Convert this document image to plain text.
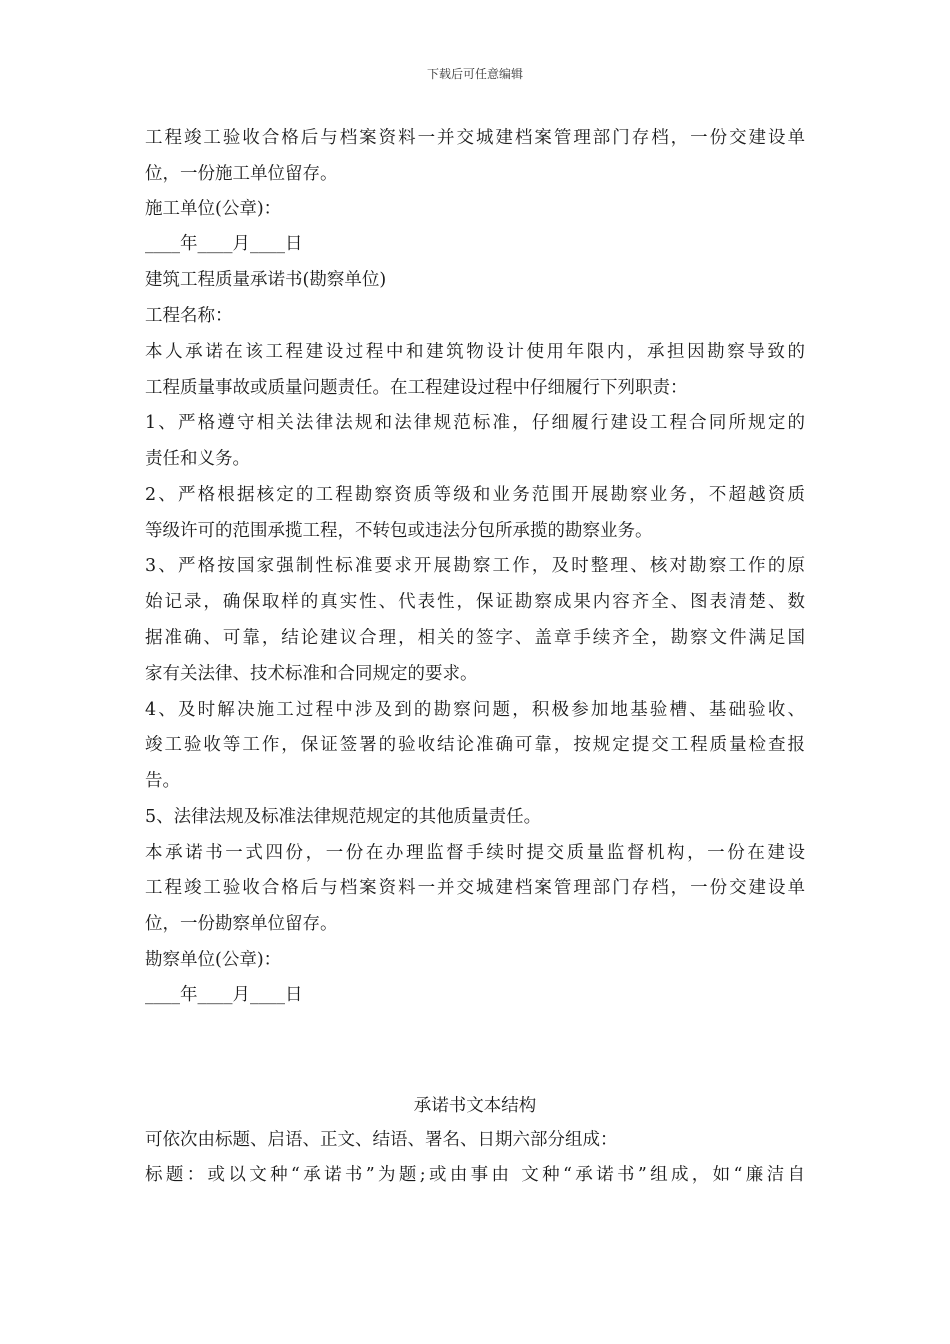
下载后可任意编辑
工程竣工验收合格后与档案资料一并交城建档案管理部门存档，一份交建设单
位，一份施工单位留存。
施工单位(公章)：
____年____月____日
建筑工程质量承诺书(勘察单位)
工程名称：
本人承诺在该工程建设过程中和建筑物设计使用年限内，承担因勘察导致的
工程质量事故或质量问题责任。在工程建设过程中仔细履行下列职责：
1、严格遵守相关法律法规和法律规范标准，仔细履行建设工程合同所规定的
责任和义务。
2、严格根据核定的工程勘察资质等级和业务范围开展勘察业务，不超越资质
等级许可的范围承揽工程，不转包或违法分包所承揽的勘察业务。
3、严格按国家强制性标准要求开展勘察工作，及时整理、核对勘察工作的原
始记录，确保取样的真实性、代表性，保证勘察成果内容齐全、图表清楚、数
据准确、可靠，结论建议合理，相关的签字、盖章手续齐全，勘察文件满足国
家有关法律、技术标准和合同规定的要求。
4、及时解决施工过程中涉及到的勘察问题，积极参加地基验槽、基础验收、
竣工验收等工作，保证签署的验收结论准确可靠，按规定提交工程质量检查报
告。
5、法律法规及标准法律规范规定的其他质量责任。
本承诺书一式四份，一份在办理监督手续时提交质量监督机构，一份在建设
工程竣工验收合格后与档案资料一并交城建档案管理部门存档，一份交建设单
位，一份勘察单位留存。
勘察单位(公章)：
____年____月____日
承诺书文本结构
可依次由标题、启语、正文、结语、署名、日期六部分组成：
标题：或以文种“承诺书”为题;或由事由 文种“承诺书”组成，如“廉洁自
